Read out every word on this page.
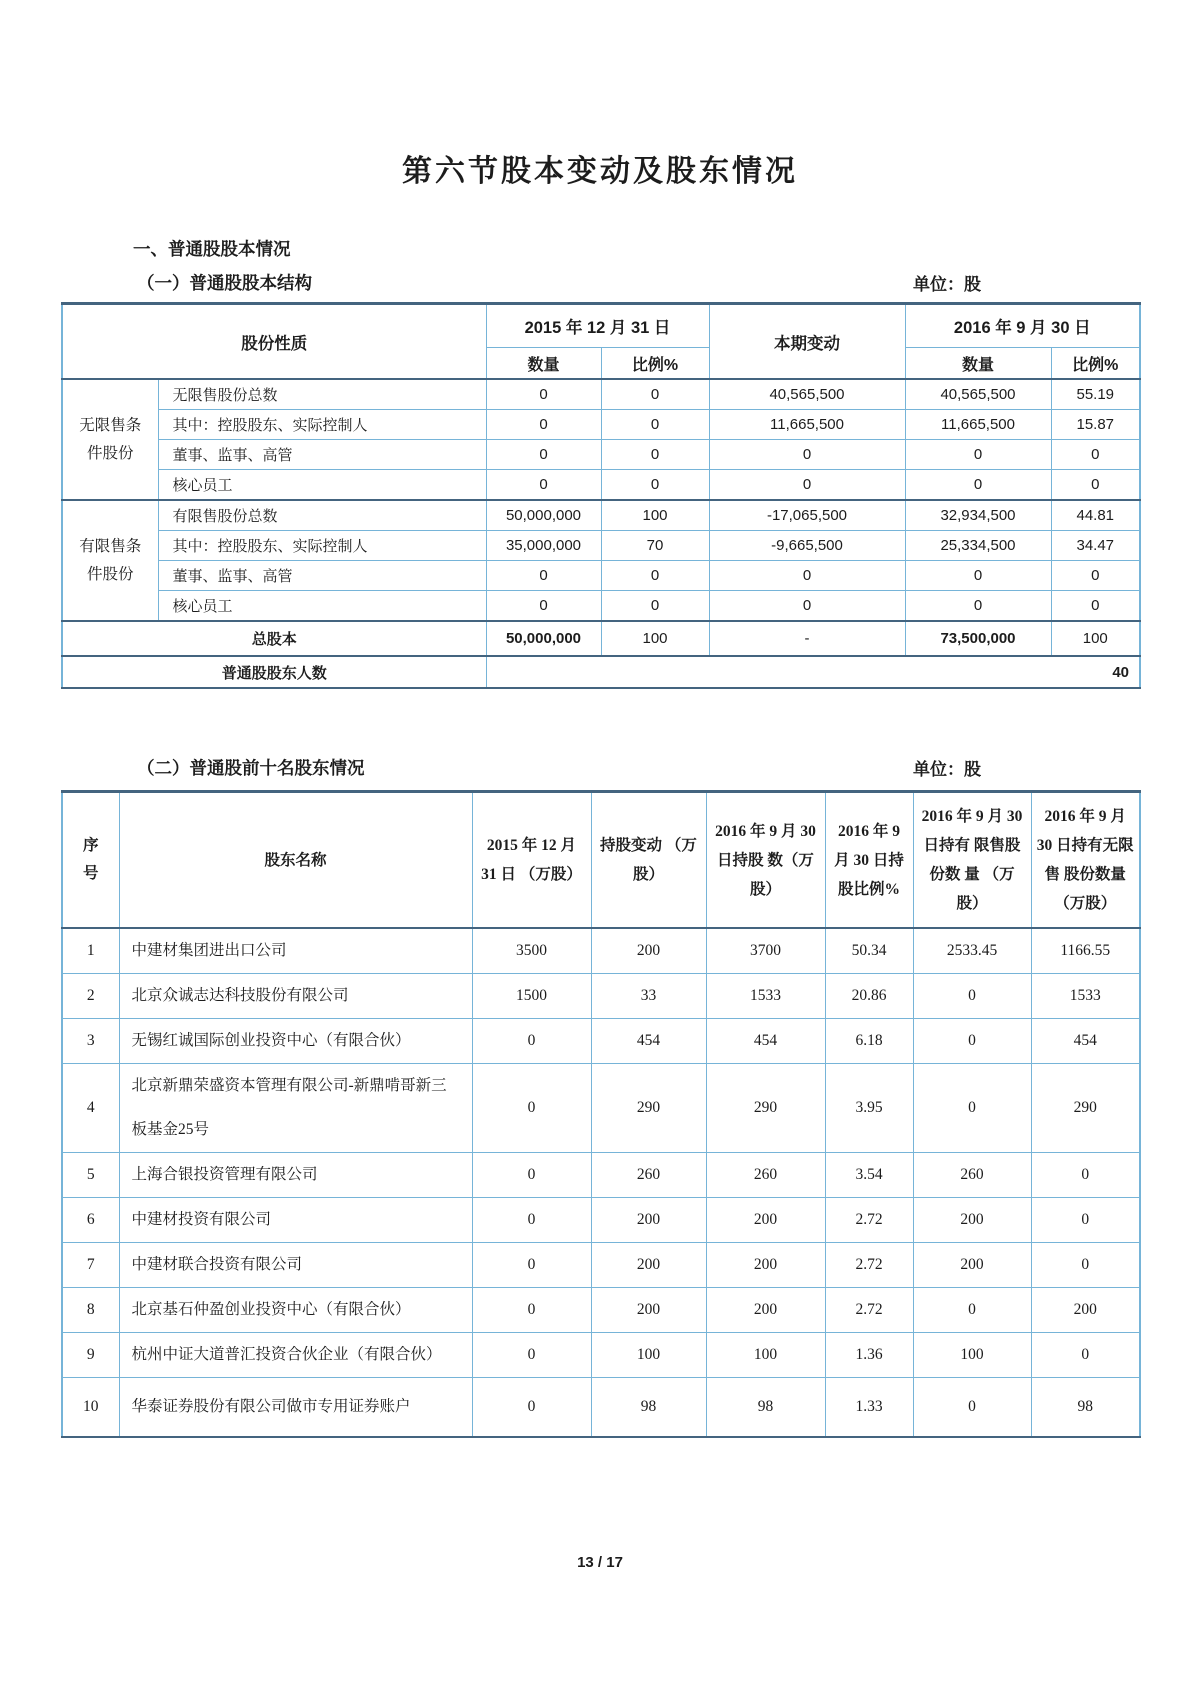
第六节股本变动及股东情况
一、普通股股本情况
（一）普通股股本结构	单位：股
股份性质		2015 年 12 月 31 日		本期变动	2016 年 9 月 30 日	
		数量	比例%		数量	比例%
无限售条件股份	无限售股份总数	0	0	40,565,500	40,565,500	55.19
	其中：控股股东、实际控制人	0	0	11,665,500	11,665,500	15.87
	董事、监事、高管	0	0	0	0	0
	核心员工	0	0	0	0	0
有限售条件股份	有限售股份总数	50,000,000	100	-17,065,500	32,934,500	44.81
	其中：控股股东、实际控制人	35,000,000	70	-9,665,500	25,334,500	34.47
	董事、监事、高管	0	0	0	0	0
	核心员工	0	0	0	0	0
总股本		50,000,000	100	-	73,500,000	100
普通股股东人数		40				
（二）普通股前十名股东情况	单位：股
序号	股东名称	2015 年 12 月 31 日 （万股）	持股变动 （万股）	2016 年 9 月 30 日持股 数（万股）	2016 年 9 月 30 日持 股比例%	2016 年 9 月 30 日持有 限售股份数 量 （万股）	2016 年 9 月 30 日持有无限售 股份数量 （万股）
1	中建材集团进出口公司	3500	200	3700	50.34	2533.45	1166.55
2	北京众诚志达科技股份有限公司	1500	33	1533	20.86	0	1533
3	无锡红诚国际创业投资中心（有限合伙）	0	454	454	6.18	0	454
4	北京新鼎荣盛资本管理有限公司-新鼎啃哥新三板基金25号	0	290	290	3.95	0	290
5	上海合银投资管理有限公司	0	260	260	3.54	260	0
6	中建材投资有限公司	0	200	200	2.72	200	0
7	中建材联合投资有限公司	0	200	200	2.72	200	0
8	北京基石仲盈创业投资中心（有限合伙）	0	200	200	2.72	0	200
9	杭州中证大道普汇投资合伙企业（有限合伙）	0	100	100	1.36	100	0
10	华泰证券股份有限公司做市专用证券账户	0	98	98	1.33	0	98
13 / 17
